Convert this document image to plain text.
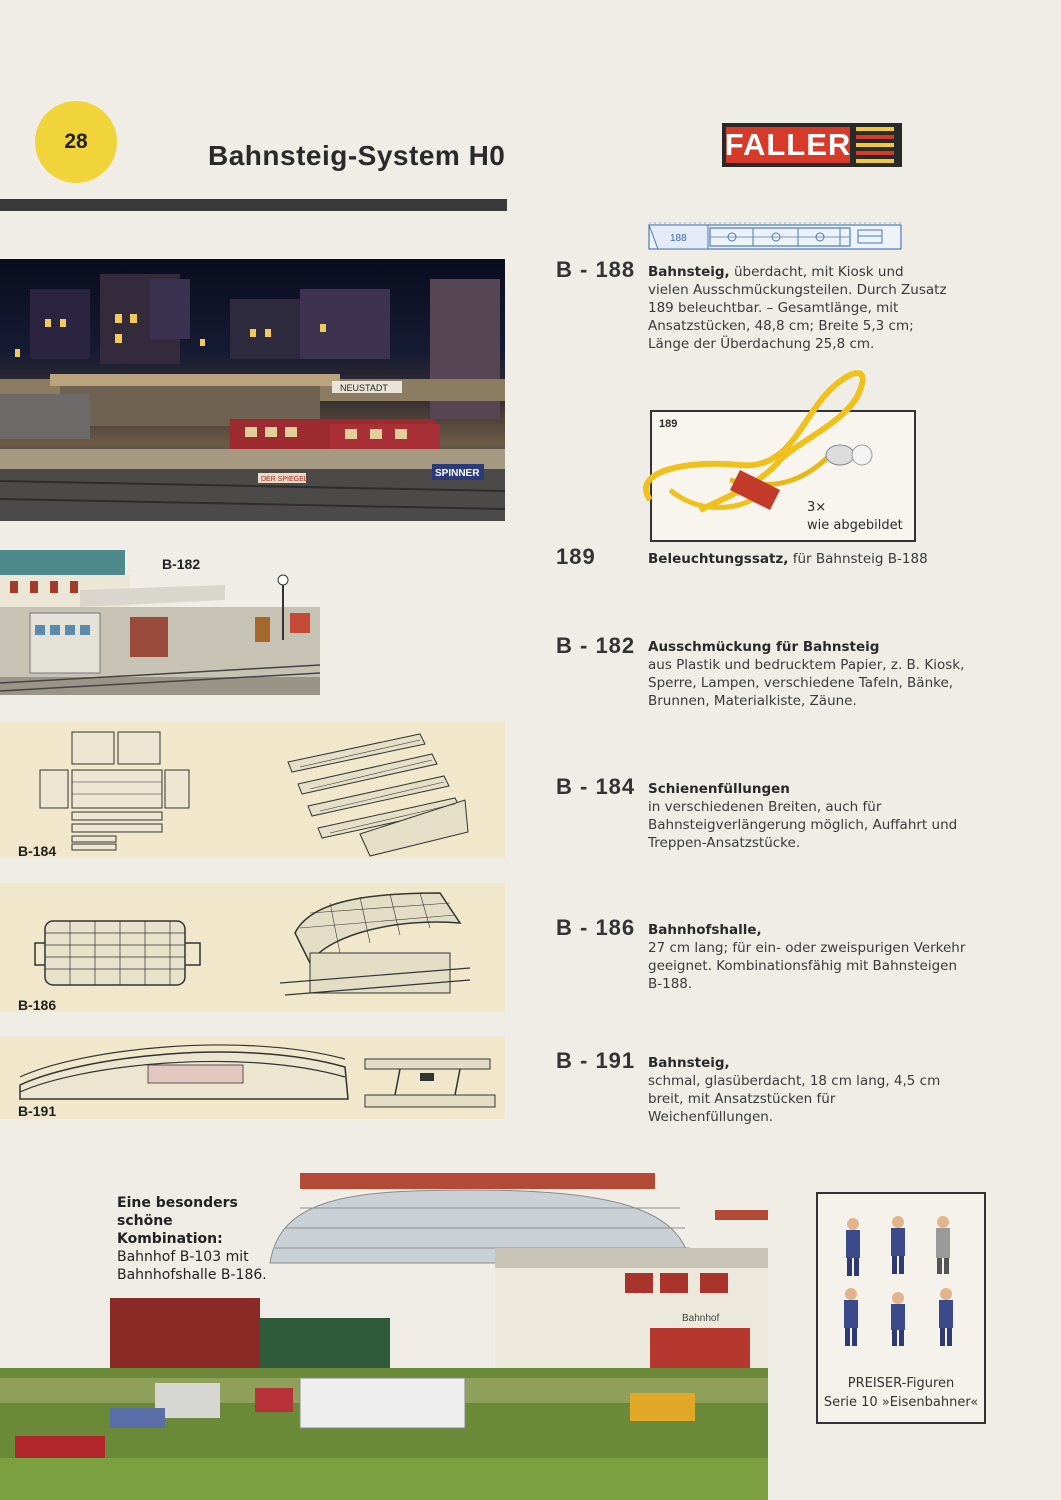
28	Bahnsteig-System H0	FALLER
188
NEUSTADT
SPINNER
DER SPIEGEL
B - 188 Bahnsteig, überdacht, mit Kiosk und vielen Ausschmückungsteilen. Durch Zusatz 189 beleuchtbar. – Gesamtlänge, mit Ansatzstücken, 48,8 cm; Breite 5,3 cm; Länge der Überdachung 25,8 cm.
189
3×
wie abgebildet
189	Beleuchtungssatz, für Bahnsteig B-188
B-182
B - 182 Ausschmückung für Bahnsteig
aus Plastik und bedrucktem Papier, z. B. Kiosk, Sperre, Lampen, verschiedene Tafeln, Bänke, Brunnen, Materialkiste, Zäune.
B-184
B - 184 Schienenfüllungen
in verschiedenen Breiten, auch für Bahnsteigverlängerung möglich, Auffahrt und Treppen-Ansatzstücke.
B-186
B - 186 Bahnhofshalle,
27 cm lang; für ein- oder zweispurigen Verkehr geeignet. Kombinationsfähig mit Bahnsteigen B-188.
B-191
B - 191 Bahnsteig,
schmal, glasüberdacht, 18 cm lang, 4,5 cm breit, mit Ansatzstücken für Weichenfüllungen.
Bahnhof
Eine besonders
schöne
Kombination:
Bahnhof B-103 mit
Bahnhofshalle B-186.
PREISER-Figuren
Serie 10 »Eisenbahner«
